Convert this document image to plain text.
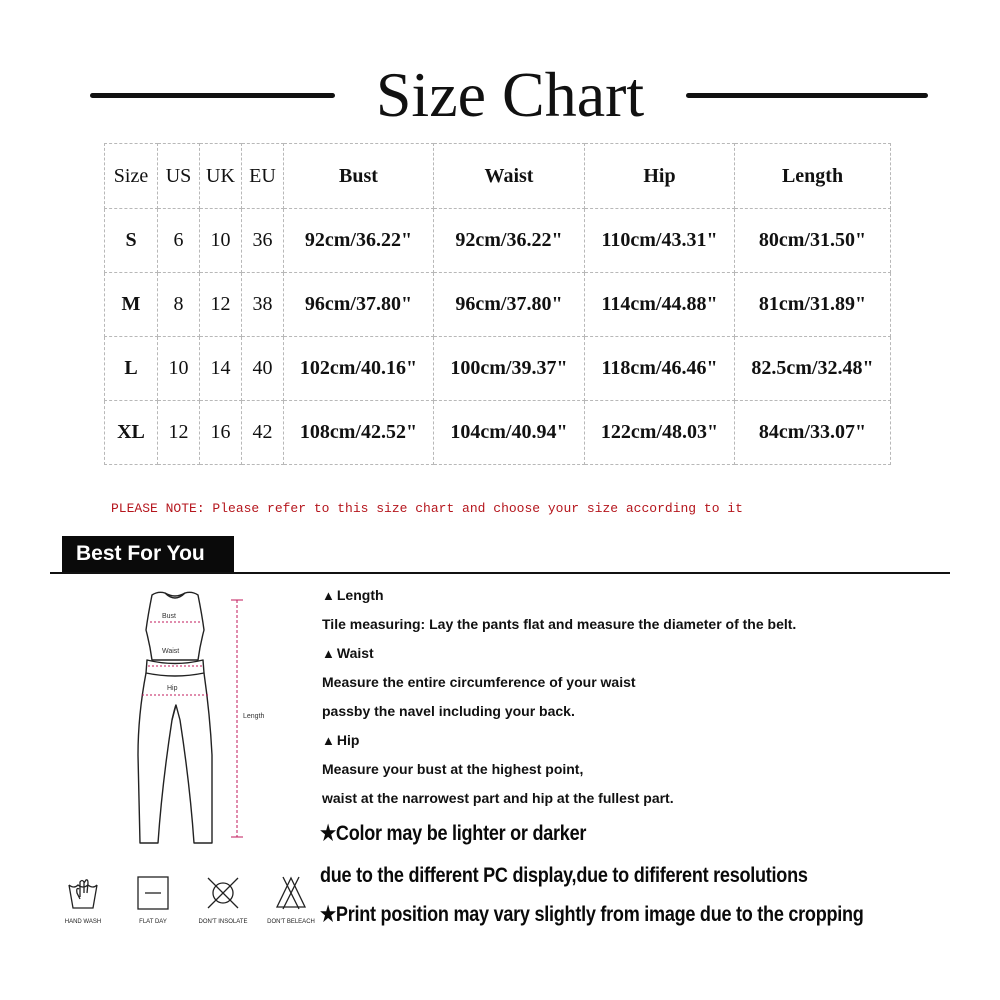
Size Chart
Size	US	UK	EU	Bust	Waist	Hip	Length
S	6	10	36	92cm/36.22"	92cm/36.22"	110cm/43.31"	80cm/31.50"
M	8	12	38	96cm/37.80"	96cm/37.80"	114cm/44.88"	81cm/31.89"
L	10	14	40	102cm/40.16"	100cm/39.37"	118cm/46.46"	82.5cm/32.48"
XL	12	16	42	108cm/42.52"	104cm/40.94"	122cm/48.03"	84cm/33.07"
PLEASE NOTE: Please refer to this size chart and choose your size according to it
Best For You
Bust
Waist
Hip
Length
HAND WASH	FLAT DAY	DON'T INSOLATE	DON'T BELEACH
▲ Length
Tile measuring: Lay the pants flat and measure the diameter of the belt.
▲ Waist
Measure the entire circumference of your waist
passby the navel including your back.
▲ Hip
Measure your bust at the highest point,
waist at the narrowest part and hip at the fullest part.
★Color may be lighter or darker
due to the different PC display,due to dififerent resolutions
★Print position may vary slightly from image due to the cropping
